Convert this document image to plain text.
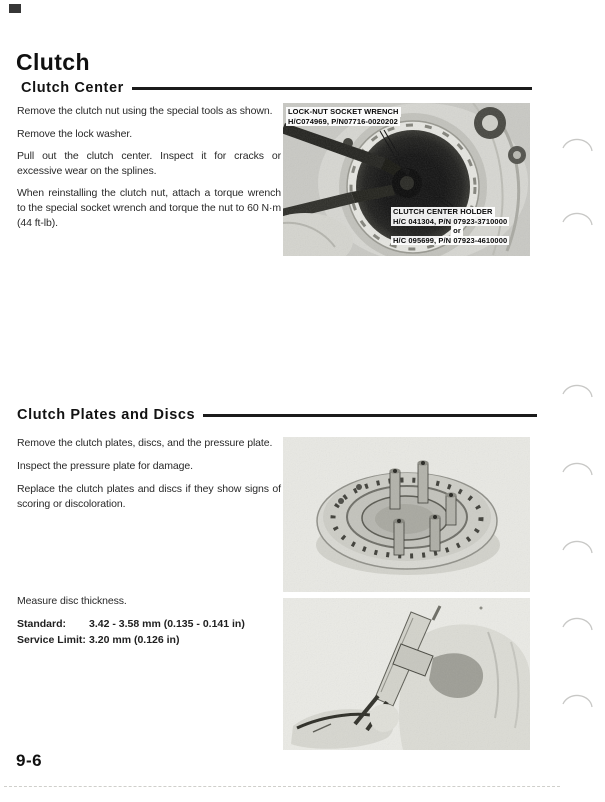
Clutch
Clutch Center

Remove the clutch nut using the special tools as shown.

Remove the lock washer.

Pull out the clutch center. Inspect it for cracks or excessive wear on the splines.

When reinstalling the clutch nut, attach a torque wrench to the special socket wrench and torque the nut to 60 N·m (44 ft-lb).

LOCK-NUT SOCKET WRENCH
H/C074969, P/N07716-0020202
CLUTCH CENTER HOLDER
H/C 041304, P/N 07923-3710000
or
H/C 095699, P/N 07923-4610000
Clutch Plates and Discs

Remove the clutch plates, discs, and the pressure plate.

Inspect the pressure plate for damage.

Replace the clutch plates and discs if they show signs of scoring or discoloration.

Measure disc thickness.

Standard:	3.42 - 3.58 mm (0.135 - 0.141 in)
Service Limit: 3.20 mm (0.126 in)

9-6
